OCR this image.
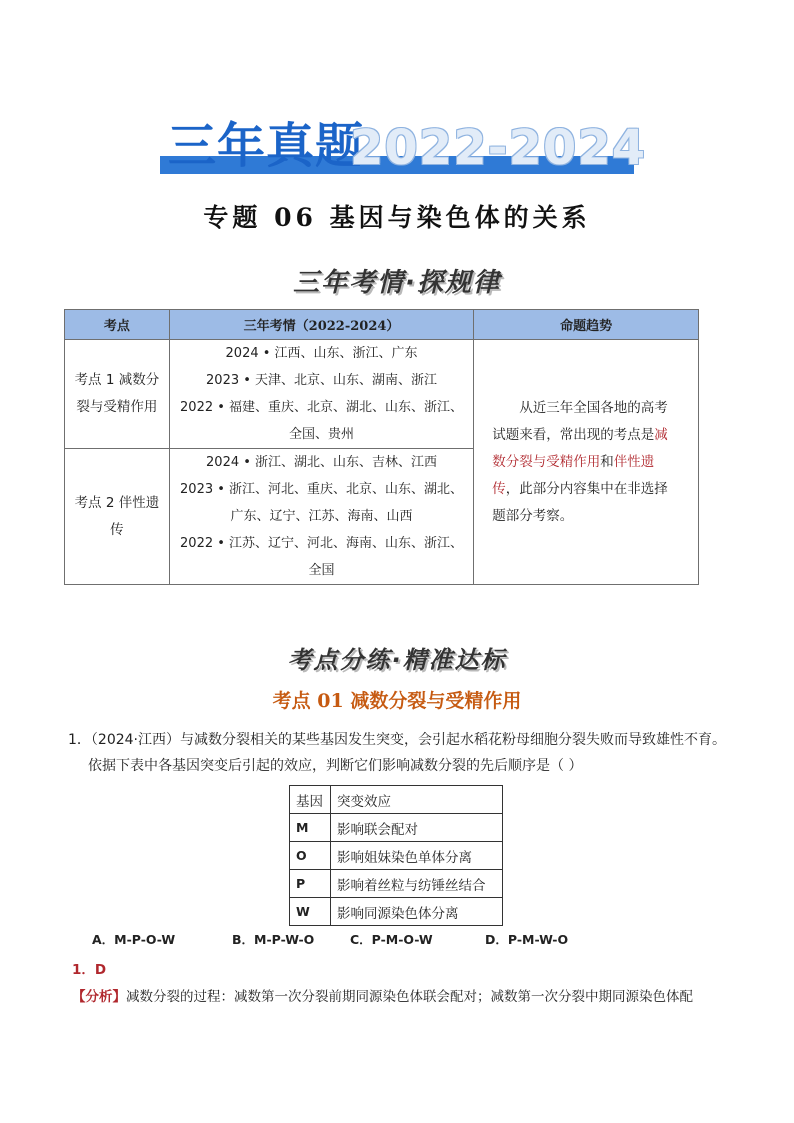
三年真题
2022-2024
专题 06 基因与染色体的关系
三年考情·探规律
考点	三年考情（2022-2024）	命题趋势
考点 1 减数分裂与受精作用	2024 • 江西、山东、浙江、广东
2023 • 天津、北京、山东、湖南、浙江
2022 • 福建、重庆、北京、湖北、山东、浙江、全国、贵州	从近三年全国各地的高考试题来看，常出现的考点是减数分裂与受精作用和伴性遗传，此部分内容集中在非选择题部分考察。
考点 2 伴性遗传	2024 • 浙江、湖北、山东、吉林、江西
2023 • 浙江、河北、重庆、北京、山东、湖北、广东、辽宁、江苏、海南、山西
2022 • 江苏、辽宁、河北、海南、山东、浙江、全国	
考点分练·精准达标
考点 01 减数分裂与受精作用
1．（2024·江西）与减数分裂相关的某些基因发生突变，会引起水稻花粉母细胞分裂失败而导致雄性不育。
依据下表中各基因突变后引起的效应，判断它们影响减数分裂的先后顺序是（ ）
基因	突变效应
M	影响联会配对
O	影响姐妹染色单体分离
P	影响着丝粒与纺锤丝结合
W	影响同源染色体分离
A．M-P-O-W	B．M-P-W-O	C．P-M-O-W	D．P-M-W-O
1．D
【分析】减数分裂的过程：减数第一次分裂前期同源染色体联会配对；减数第一次分裂中期同源染色体配
